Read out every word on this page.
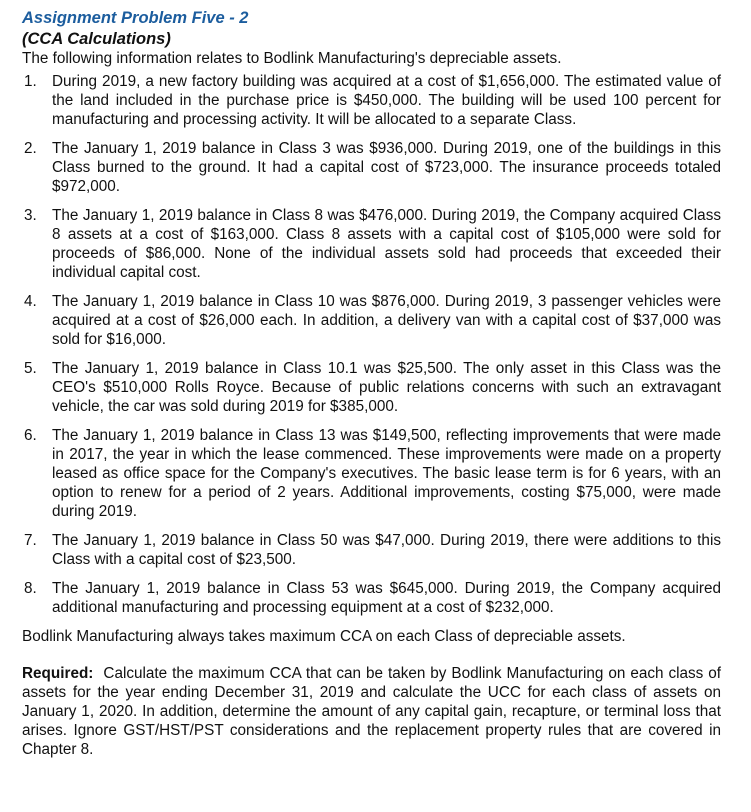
Assignment Problem Five - 2
(CCA Calculations)

The following information relates to Bodlink Manufacturing's depreciable assets.

1. During 2019, a new factory building was acquired at a cost of $1,656,000. The estimated value of the land included in the purchase price is $450,000. The building will be used 100 percent for manufacturing and processing activity. It will be allocated to a separate Class.
2. The January 1, 2019 balance in Class 3 was $936,000. During 2019, one of the buildings in this Class burned to the ground. It had a capital cost of $723,000. The insurance proceeds totaled $972,000.
3. The January 1, 2019 balance in Class 8 was $476,000. During 2019, the Company acquired Class 8 assets at a cost of $163,000. Class 8 assets with a capital cost of $105,000 were sold for proceeds of $86,000. None of the individual assets sold had proceeds that exceeded their individual capital cost.
4. The January 1, 2019 balance in Class 10 was $876,000. During 2019, 3 passenger vehicles were acquired at a cost of $26,000 each. In addition, a delivery van with a capital cost of $37,000 was sold for $16,000.
5. The January 1, 2019 balance in Class 10.1 was $25,500. The only asset in this Class was the CEO's $510,000 Rolls Royce. Because of public relations concerns with such an extravagant vehicle, the car was sold during 2019 for $385,000.
6. The January 1, 2019 balance in Class 13 was $149,500, reflecting improvements that were made in 2017, the year in which the lease commenced. These improvements were made on a property leased as office space for the Company's executives. The basic lease term is for 6 years, with an option to renew for a period of 2 years. Additional improvements, costing $75,000, were made during 2019.
7. The January 1, 2019 balance in Class 50 was $47,000. During 2019, there were additions to this Class with a capital cost of $23,500.
8. The January 1, 2019 balance in Class 53 was $645,000. During 2019, the Company acquired additional manufacturing and processing equipment at a cost of $232,000.

Bodlink Manufacturing always takes maximum CCA on each Class of depreciable assets.

Required: Calculate the maximum CCA that can be taken by Bodlink Manufacturing on each class of assets for the year ending December 31, 2019 and calculate the UCC for each class of assets on January 1, 2020. In addition, determine the amount of any capital gain, recapture, or terminal loss that arises. Ignore GST/HST/PST considerations and the replacement property rules that are covered in Chapter 8.
